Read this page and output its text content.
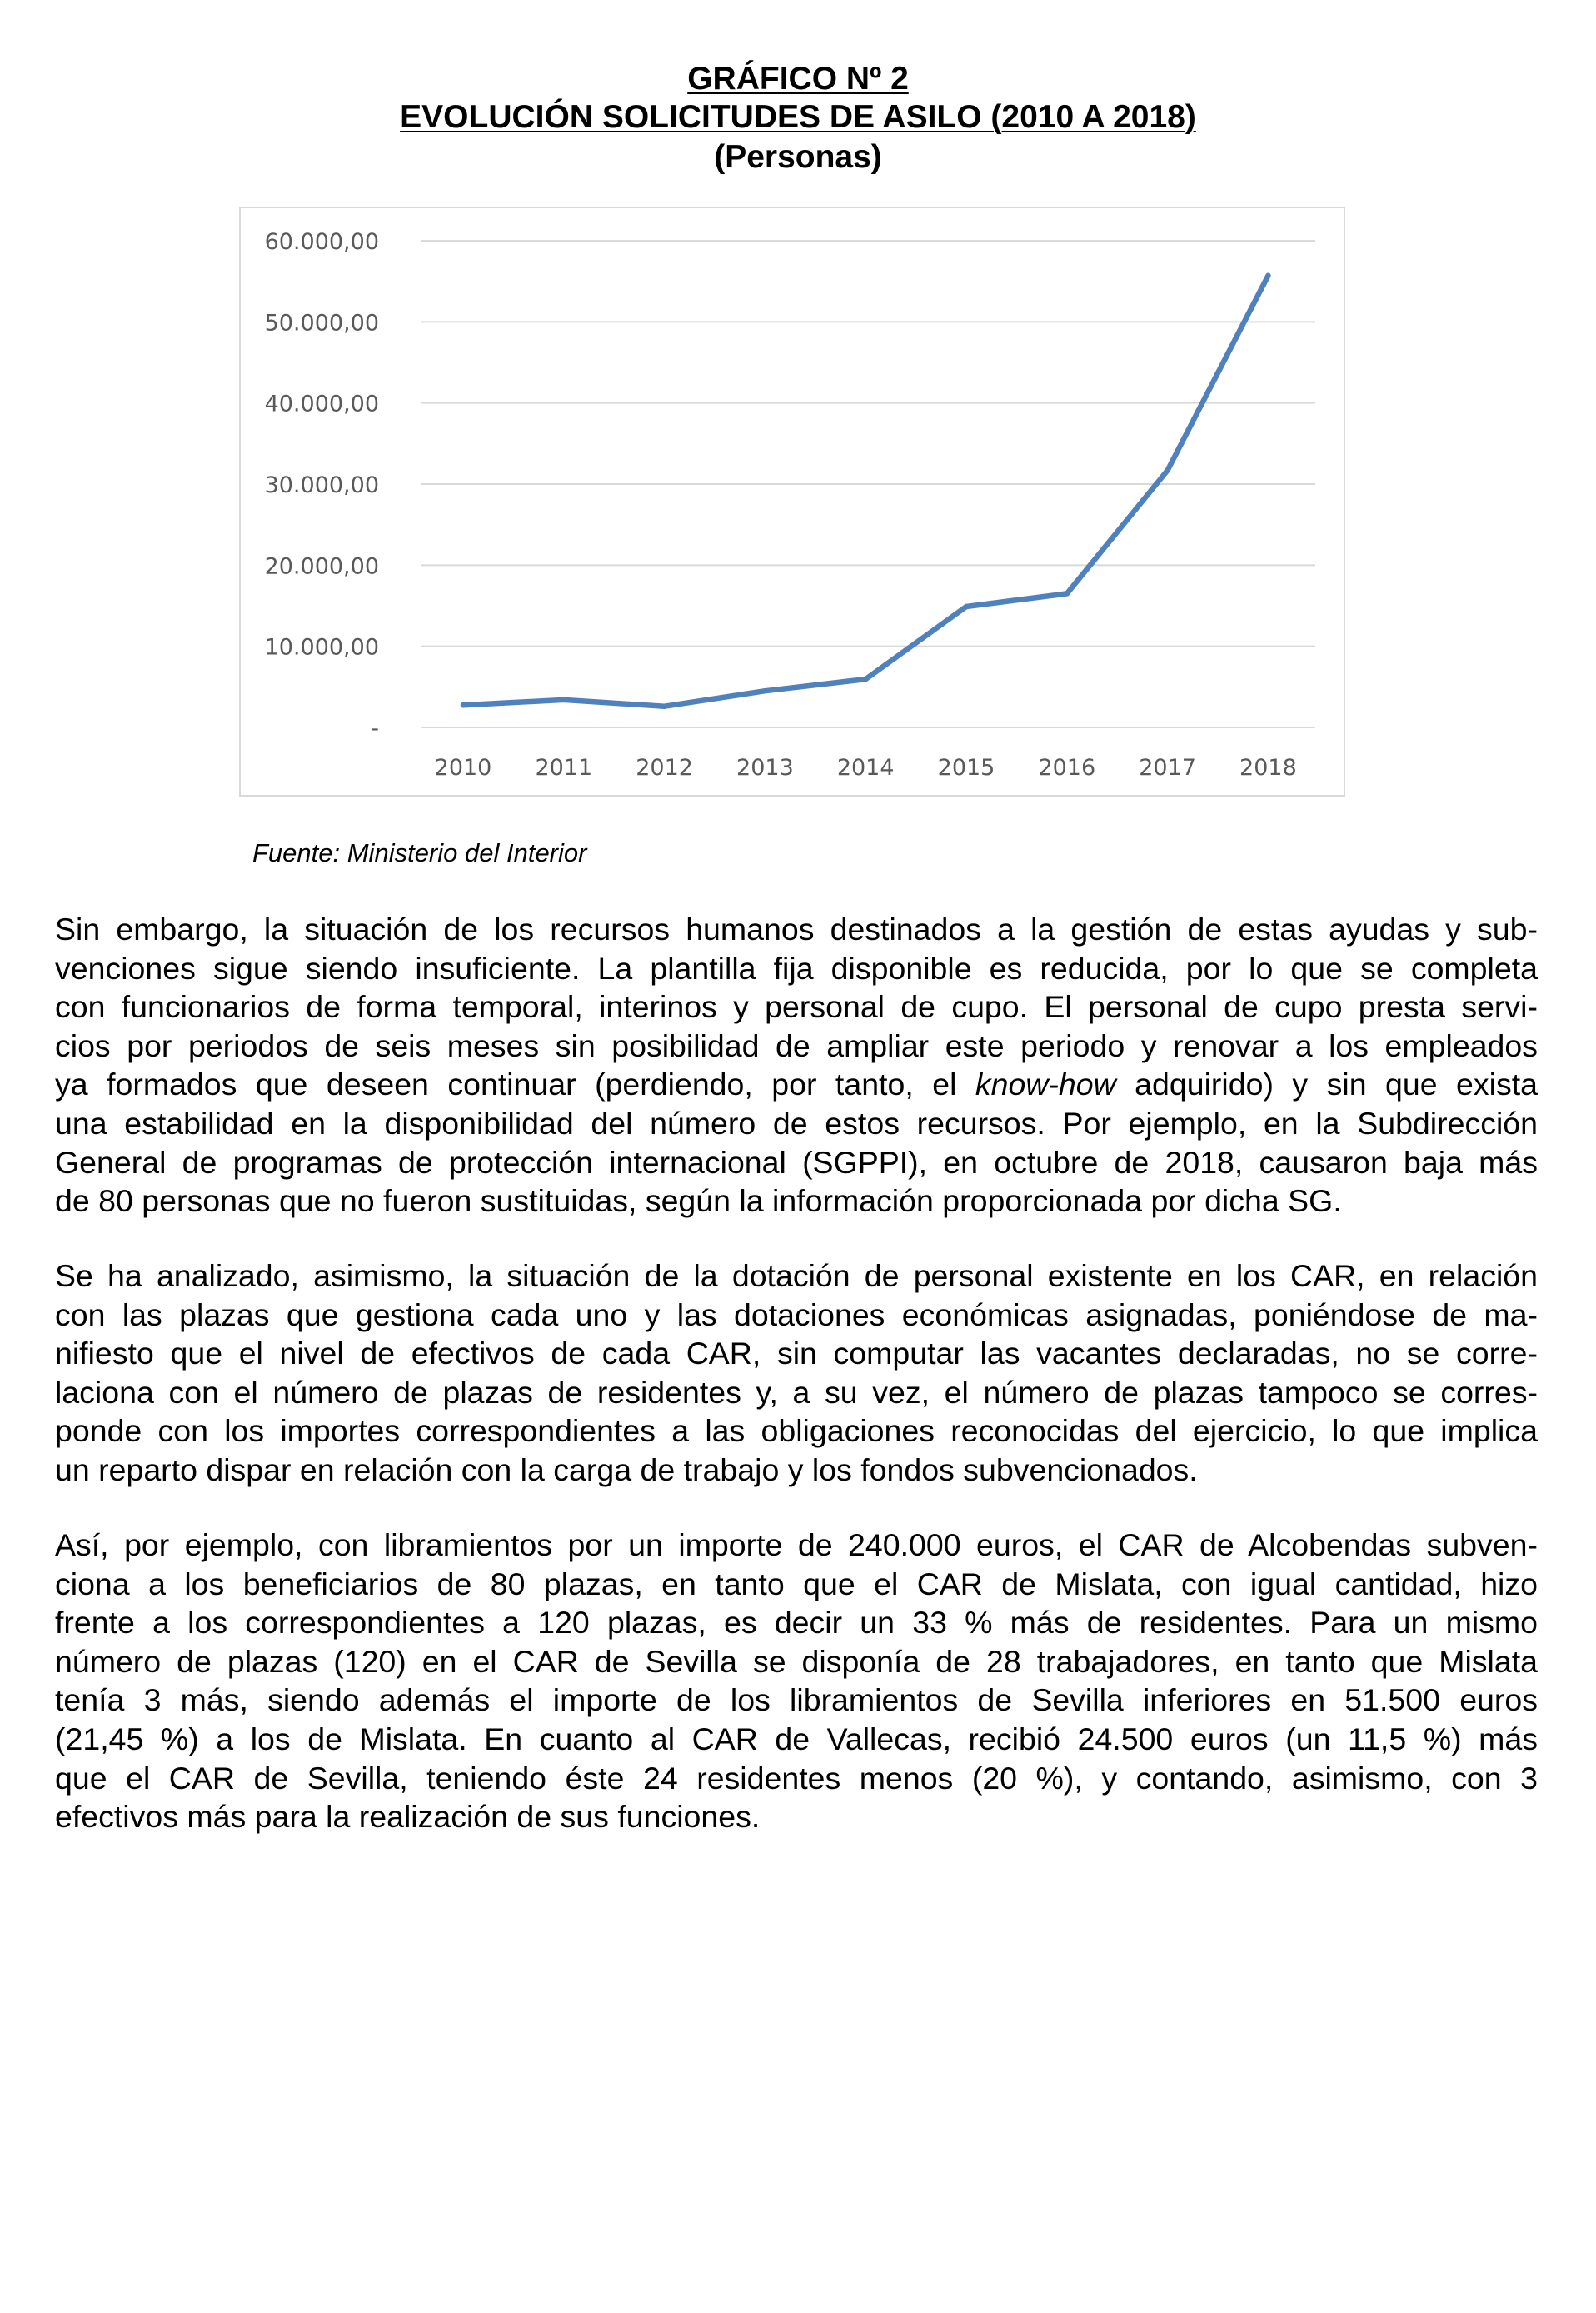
GRÁFICO Nº 2
EVOLUCIÓN SOLICITUDES DE ASILO (2010 A 2018)
(Personas)
-
10.000,00
20.000,00
30.000,00
40.000,00
50.000,00
60.000,00
2010 2011 2012 2013 2014 2015 2016 2017 2018
Fuente: Ministerio del Interior
Sin embargo, la situación de los recursos humanos destinados a la gestión de estas ayudas y sub-
venciones sigue siendo insuficiente. La plantilla fija disponible es reducida, por lo que se completa
con funcionarios de forma temporal, interinos y personal de cupo. El personal de cupo presta servi-
cios por periodos de seis meses sin posibilidad de ampliar este periodo y renovar a los empleados
ya formados que deseen continuar (perdiendo, por tanto, el know-how adquirido) y sin que exista
una estabilidad en la disponibilidad del número de estos recursos. Por ejemplo, en la Subdirección
General de programas de protección internacional (SGPPI), en octubre de 2018, causaron baja más
de 80 personas que no fueron sustituidas, según la información proporcionada por dicha SG.
Se ha analizado, asimismo, la situación de la dotación de personal existente en los CAR, en relación
con las plazas que gestiona cada uno y las dotaciones económicas asignadas, poniéndose de ma-
nifiesto que el nivel de efectivos de cada CAR, sin computar las vacantes declaradas, no se corre-
laciona con el número de plazas de residentes y, a su vez, el número de plazas tampoco se corres-
ponde con los importes correspondientes a las obligaciones reconocidas del ejercicio, lo que implica
un reparto dispar en relación con la carga de trabajo y los fondos subvencionados.
Así, por ejemplo, con libramientos por un importe de 240.000 euros, el CAR de Alcobendas subven-
ciona a los beneficiarios de 80 plazas, en tanto que el CAR de Mislata, con igual cantidad, hizo
frente a los correspondientes a 120 plazas, es decir un 33 % más de residentes. Para un mismo
número de plazas (120) en el CAR de Sevilla se disponía de 28 trabajadores, en tanto que Mislata
tenía 3 más, siendo además el importe de los libramientos de Sevilla inferiores en 51.500 euros
(21,45 %) a los de Mislata. En cuanto al CAR de Vallecas, recibió 24.500 euros (un 11,5 %) más
que el CAR de Sevilla, teniendo éste 24 residentes menos (20 %), y contando, asimismo, con 3
efectivos más para la realización de sus funciones.
